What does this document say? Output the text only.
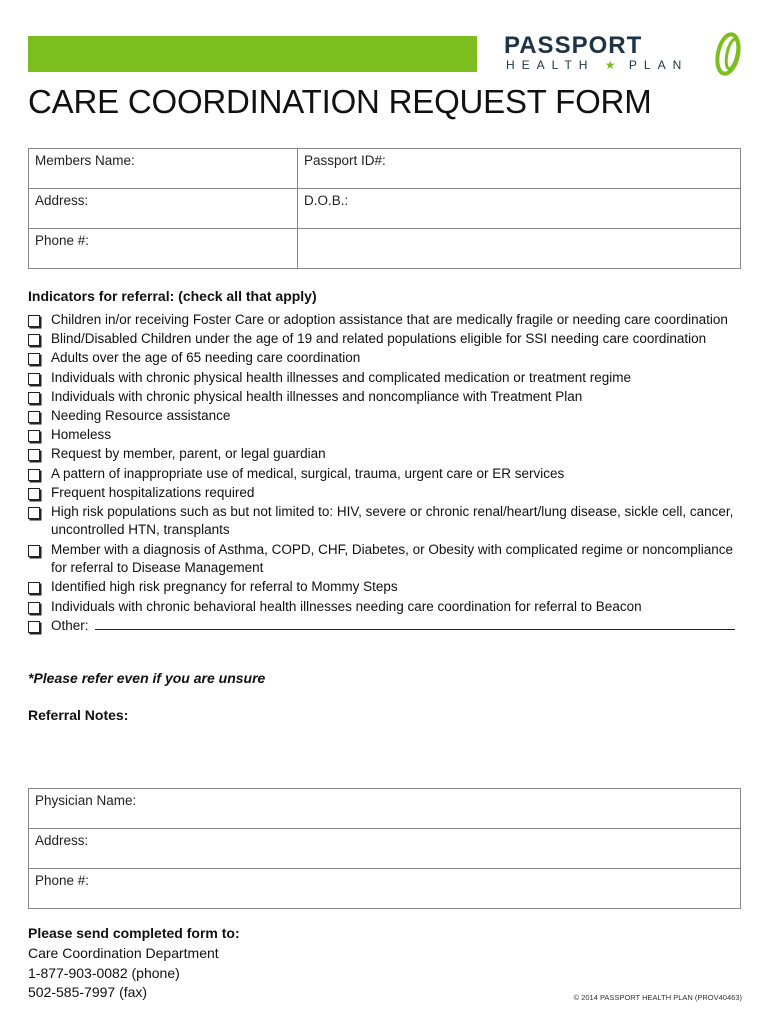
PASSPORT
HEALTH ★ PLAN
CARE COORDINATION REQUEST FORM
Members Name:	Passport ID#:
Address:	D.O.B.:
Phone #:	
Indicators for referral: (check all that apply)
Children in/or receiving Foster Care or adoption assistance that are medically fragile or needing care coordination
Blind/Disabled Children under the age of 19 and related populations eligible for SSI needing care coordination
Adults over the age of 65 needing care coordination
Individuals with chronic physical health illnesses and complicated medication or treatment regime
Individuals with chronic physical health illnesses and noncompliance with Treatment Plan
Needing Resource assistance
Homeless
Request by member, parent, or legal guardian
A pattern of inappropriate use of medical, surgical, trauma, urgent care or ER services
Frequent hospitalizations required
High risk populations such as but not limited to: HIV, severe or chronic renal/heart/lung disease, sickle cell, cancer, uncontrolled HTN, transplants
Member with a diagnosis of Asthma, COPD, CHF, Diabetes, or Obesity with complicated regime or noncompliance for referral to Disease Management
Identified high risk pregnancy for referral to Mommy Steps
Individuals with chronic behavioral health illnesses needing care coordination for referral to Beacon
Other:
*Please refer even if you are unsure
Referral Notes:
Physician Name:
Address:
Phone #:
Please send completed form to:
Care Coordination Department
1-877-903-0082 (phone)
502-585-7997 (fax)	© 2014 PASSPORT HEALTH PLAN (PROV40463)
